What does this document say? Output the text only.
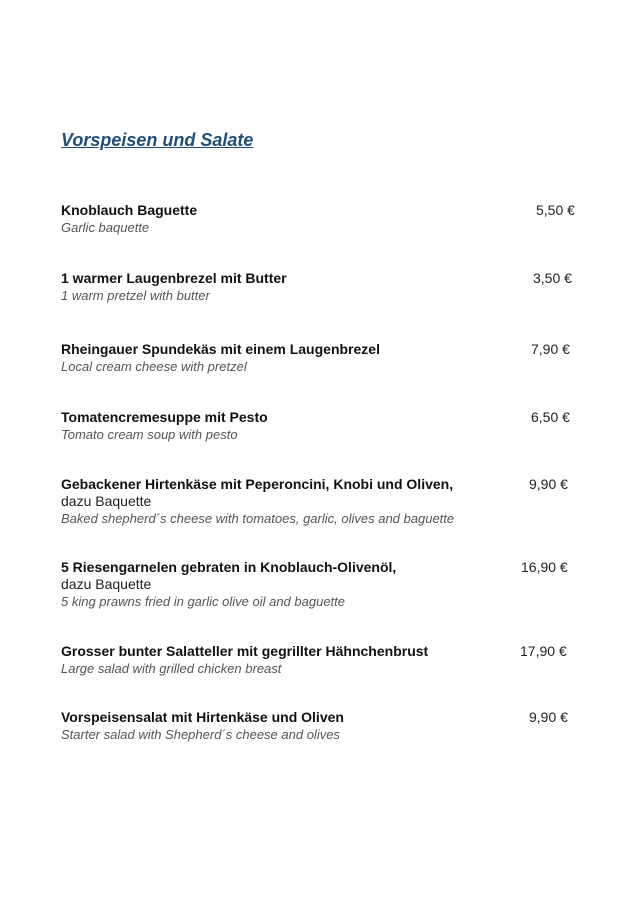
Vorspeisen und Salate
Knoblauch Baguette
Garlic baquette
5,50 €
1 warmer Laugenbrezel mit Butter
1 warm pretzel with butter
3,50 €
Rheingauer Spundekäs mit einem Laugenbrezel
Local cream cheese with pretzel
7,90 €
Tomatencremesuppe mit Pesto
Tomato cream soup with pesto
6,50 €
Gebackener Hirtenkäse mit Peperoncini, Knobi und Oliven,
dazu Baquette
Baked shepherd´s cheese with tomatoes, garlic, olives and baguette
9,90 €
5 Riesengarnelen gebraten in Knoblauch-Olivenöl,
dazu Baquette
5 king prawns fried in garlic olive oil and baguette
16,90 €
Grosser bunter Salatteller mit gegrillter Hähnchenbrust
Large salad with grilled chicken breast
17,90 €
Vorspeisensalat mit Hirtenkäse und Oliven
Starter salad with Shepherd´s cheese and olives
9,90 €
